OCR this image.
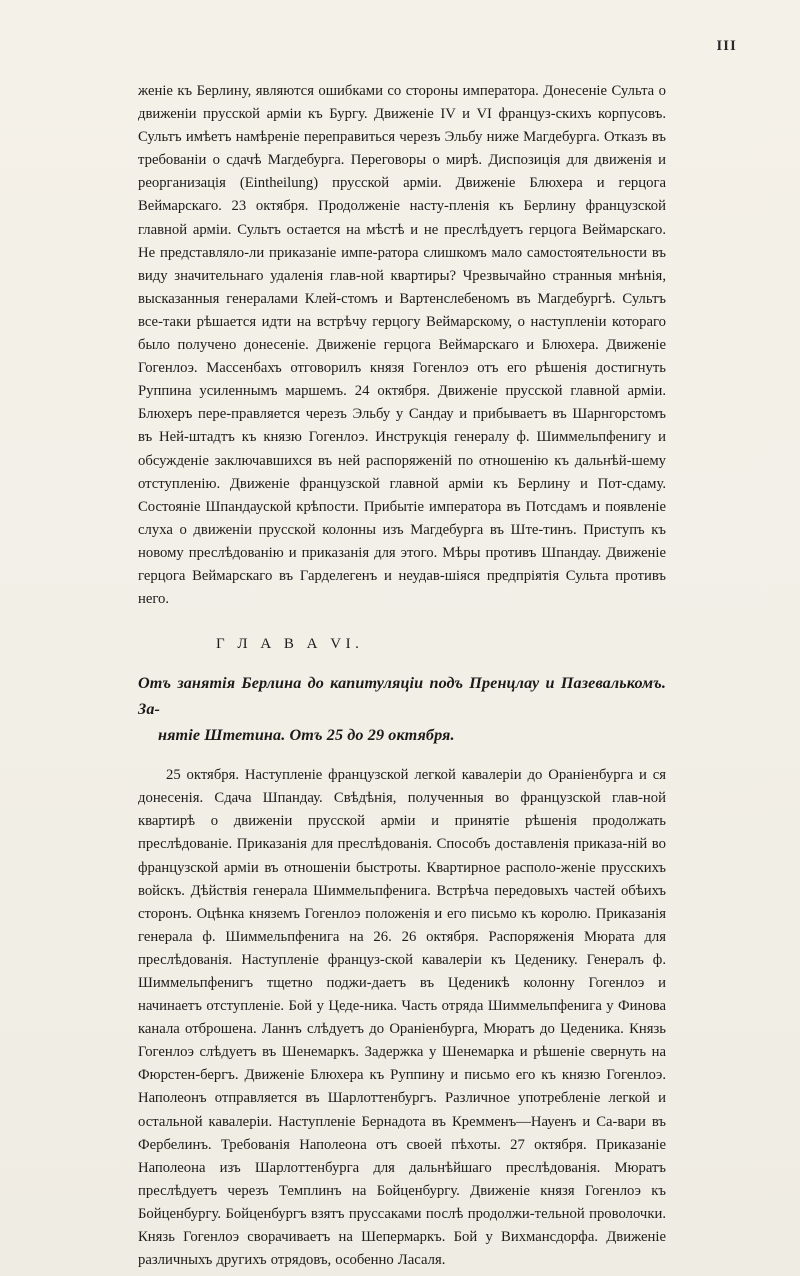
III

женіе къ Берлину, являются ошибками со стороны императора. Донесеніе Сульта о движеніи прусской арміи къ Бургу. Движеніе IV и VI француз-скихъ корпусовъ. Сультъ имѣетъ намѣреніе переправиться черезъ Эльбу ниже Магдебурга. Отказъ въ требованіи о сдачѣ Магдебурга. Переговоры о мирѣ. Диспозиція для движенія и реорганизація (Eintheilung) прусской арміи. Движеніе Блюхера и герцога Веймарскаго. 23 октября. Продолженіе насту-пленія къ Берлину французской главной арміи. Сультъ остается на мѣстѣ и не преслѣдуетъ герцога Веймарскаго. Не представляло-ли приказаніе импе-ратора слишкомъ мало самостоятельности въ виду значительнаго удаленія глав-ной квартиры? Чрезвычайно странныя мнѣнія, высказанныя генералами Клей-стомъ и Вартенслебеномъ въ Магдебургѣ. Сультъ все-таки рѣшается идти на встрѣчу герцогу Веймарскому, о наступленіи котораго было получено донесеніе. Движеніе герцога Веймарскаго и Блюхера. Движеніе Гогенлоэ. Массенбахъ отговорилъ князя Гогенлоэ отъ его рѣшенія достигнуть Руппина усиленнымъ маршемъ. 24 октября. Движеніе прусской главной арміи. Блюхеръ пере-правляется черезъ Эльбу у Сандау и прибываетъ въ Шарнгорстомъ въ Ней-штадтъ къ князю Гогенлоэ. Инструкція генералу ф. Шиммельпфенигу и обсужденіе заключавшихся въ ней распоряженій по отношенію къ дальнѣй-шему отступленію. Движеніе французской главной арміи къ Берлину и Пот-сдаму. Состояніе Шпандауской крѣпости. Прибытіе императора въ Потсдамъ и появленіе слуха о движеніи прусской колонны изъ Магдебурга въ Ште-тинъ. Приступъ къ новому преслѣдованію и приказанія для этого. Мѣры противъ Шпандау. Движеніе герцога Веймарскаго въ Гарделегенъ и неудав-шіяся предпріятія Сульта противъ него.

Г Л А В А VI.
Отъ занятія Берлина до капитуляціи подъ Пренцлау и Пазевалькомъ. За-
нятіе Штетина. Отъ 25 до 29 октября.

25 октября. Наступленіе французской легкой кавалеріи до Ораніенбурга и ся донесенія. Сдача Шпандау. Свѣдѣнія, полученныя во французской глав-ной квартирѣ о движеніи прусской арміи и принятіе рѣшенія продолжать преслѣдованіе. Приказанія для преслѣдованія. Способъ доставленія приказа-ній во французской арміи въ отношеніи быстроты. Квартирное располо-женіе прусскихъ войскъ. Дѣйствія генерала Шиммельпфенига. Встрѣча передовыхъ частей обѣихъ сторонъ. Оцѣнка княземъ Гогенлоэ положенія и его письмо къ королю. Приказанія генерала ф. Шиммельпфенига на 26. 26 октября. Распоряженія Мюрата для преслѣдованія. Наступленіе француз-ской кавалеріи къ Цеденику. Генералъ ф. Шиммельпфенигъ тщетно поджи-даетъ въ Цеденикѣ колонну Гогенлоэ и начинаетъ отступленіе. Бой у Цеде-ника. Часть отряда Шиммельпфенига у Финова канала отброшена. Ланнъ слѣдуетъ до Ораніенбурга, Мюратъ до Цеденика. Князь Гогенлоэ слѣдуетъ въ Шенемаркъ. Задержка у Шенемарка и рѣшеніе свернуть на Фюрстен-бергъ. Движеніе Блюхера къ Руппину и письмо его къ князю Гогенлоэ. Наполеонъ отправляется въ Шарлоттенбургъ. Различное употребленіе легкой и остальной кавалеріи. Наступленіе Бернадота въ Кремменъ—Науенъ и Са-вари въ Фербелинъ. Требованія Наполеона отъ своей пѣхоты. 27 октября. Приказаніе Наполеона изъ Шарлоттенбурга для дальнѣйшаго преслѣдованія. Мюратъ преслѣдуетъ черезъ Темплинъ на Бойценбургу. Движеніе князя Гогенлоэ къ Бойценбургу. Бойценбургъ взятъ пруссаками послѣ продолжи-тельной проволочки. Князь Гогенлоэ сворачиваетъ на Шепермаркъ. Бой у Вихмансдорфа. Движеніе различныхъ другихъ отрядовъ, особенно Ласаля.
